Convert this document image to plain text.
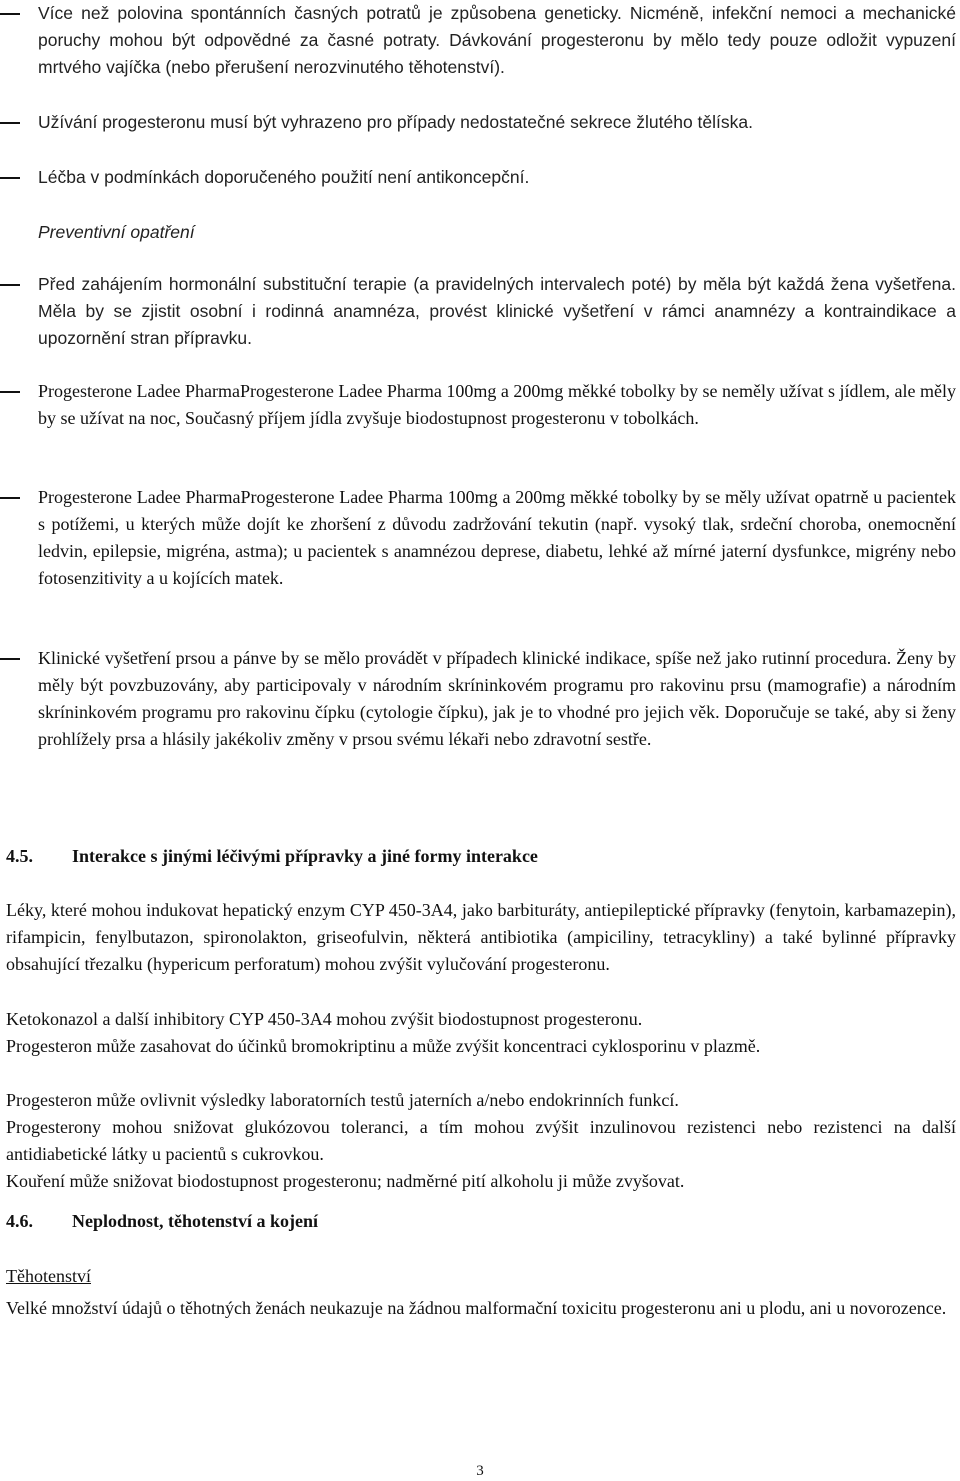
Více než polovina spontánních časných potratů je způsobena geneticky. Nicméně, infekční nemoci a mechanické poruchy mohou být odpovědné za časné potraty. Dávkování progesteronu by mělo tedy pouze odložit vypuzení mrtvého vajíčka (nebo přerušení nerozvinutého těhotenství).
Užívání progesteronu musí být vyhrazeno pro případy nedostatečné sekrece žlutého tělíska.
Léčba v podmínkách doporučeného použití není antikoncepční.
Preventivní opatření
Před zahájením hormonální substituční terapie (a pravidelných intervalech poté) by měla být každá žena vyšetřena. Měla by se zjistit osobní i rodinná anamnéza, provést klinické vyšetření v rámci anamnézy a kontraindikace a upozornění stran přípravku.
Progesterone Ladee PharmaProgesterone Ladee Pharma 100mg a 200mg měkké tobolky by se neměly užívat s jídlem, ale měly by se užívat na noc, Současný příjem jídla zvyšuje biodostupnost progesteronu v tobolkách.
Progesterone Ladee PharmaProgesterone Ladee Pharma 100mg a 200mg měkké tobolky by se měly užívat opatrně u pacientek s potížemi, u kterých může dojít ke zhoršení z důvodu zadržování tekutin (např. vysoký tlak, srdeční choroba, onemocnění ledvin, epilepsie, migréna, astma); u pacientek s anamnézou deprese, diabetu, lehké až mírné jaterní dysfunkce, migrény nebo fotosenzitivity a u kojících matek.
Klinické vyšetření prsou a pánve by se mělo provádět v případech klinické indikace, spíše než jako rutinní procedura. Ženy by měly být povzbuzovány, aby participovaly v národním skríninkovém programu pro rakovinu prsu (mamografie) a národním skríninkovém programu pro rakovinu čípku (cytologie čípku), jak je to vhodné pro jejich věk. Doporučuje se také, aby si ženy prohlížely prsa a hlásily jakékoliv změny v prsou svému lékaři nebo zdravotní sestře.
4.5. Interakce s jinými léčivými přípravky a jiné formy interakce
Léky, které mohou indukovat hepatický enzym CYP 450-3A4, jako barbituráty, antiepileptické přípravky (fenytoin, karbamazepin), rifampicin, fenylbutazon, spironolakton, griseofulvin, některá antibiotika (ampiciliny, tetracykliny) a také bylinné přípravky obsahující třezalku (hypericum perforatum) mohou zvýšit vylučování progesteronu.
Ketokonazol a další inhibitory CYP 450-3A4 mohou zvýšit biodostupnost progesteronu.
Progesteron může zasahovat do účinků bromokriptinu a může zvýšit koncentraci cyklosporinu v plazmě.
Progesteron může ovlivnit výsledky laboratorních testů jaterních a/nebo endokrinních funkcí.
Progesterony mohou snižovat glukózovou toleranci, a tím mohou zvýšit inzulinovou rezistenci nebo rezistenci na další antidiabetické látky u pacientů s cukrovkou.
Kouření může snižovat biodostupnost progesteronu; nadměrné pití alkoholu ji může zvyšovat.
4.6. Neplodnost, těhotenství a kojení
Těhotenství
Velké množství údajů o těhotných ženách neukazuje na žádnou malformační toxicitu progesteronu ani u plodu, ani u novorozence.
3
